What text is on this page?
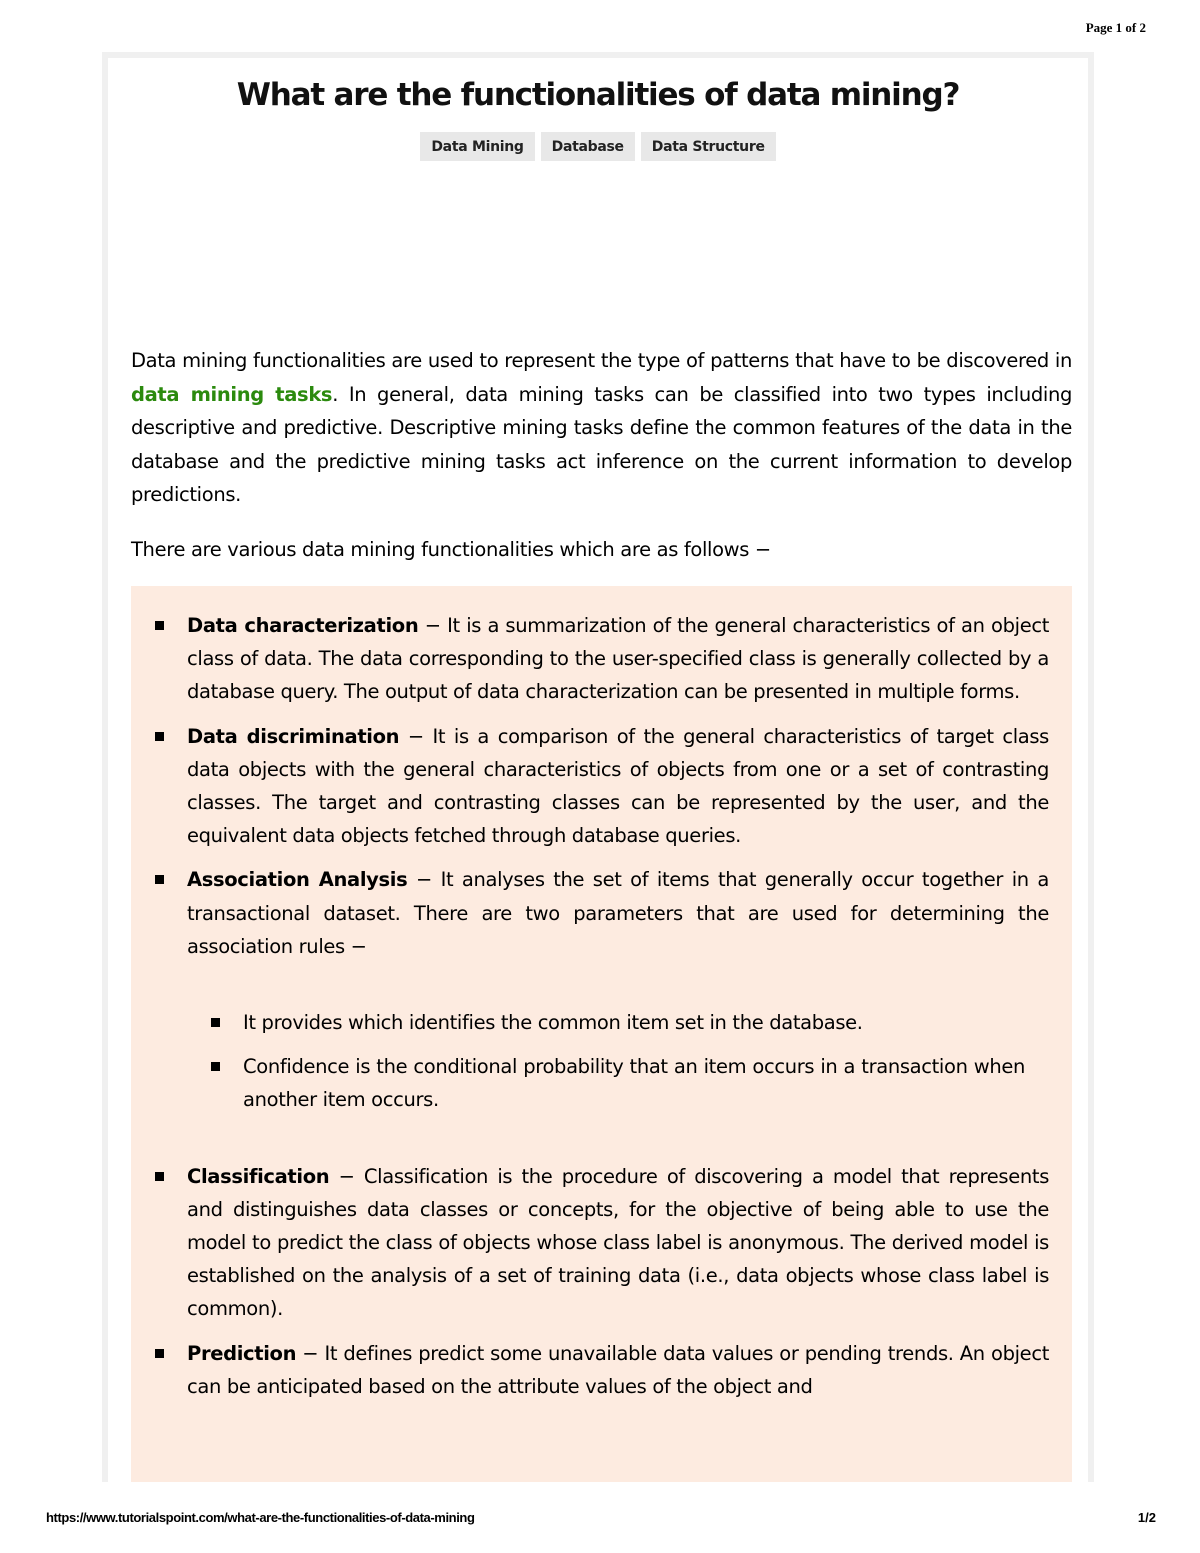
Page 1 of 2
What are the functionalities of data mining?
Data Mining	Database	Data Structure

Data mining functionalities are used to represent the type of patterns that have to be discovered in data mining tasks. In general, data mining tasks can be classified into two types including descriptive and predictive. Descriptive mining tasks define the common features of the data in the database and the predictive mining tasks act inference on the current information to develop predictions.

There are various data mining functionalities which are as follows −

Data characterization − It is a summarization of the general characteristics of an object class of data. The data corresponding to the user-specified class is generally collected by a database query. The output of data characterization can be presented in multiple forms.
Data discrimination − It is a comparison of the general characteristics of target class data objects with the general characteristics of objects from one or a set of contrasting classes. The target and contrasting classes can be represented by the user, and the equivalent data objects fetched through database queries.
Association Analysis − It analyses the set of items that generally occur together in a transactional dataset. There are two parameters that are used for determining the association rules −
It provides which identifies the common item set in the database.
Confidence is the conditional probability that an item occurs in a transaction when another item occurs.
Classification − Classification is the procedure of discovering a model that represents and distinguishes data classes or concepts, for the objective of being able to use the model to predict the class of objects whose class label is anonymous. The derived model is established on the analysis of a set of training data (i.e., data objects whose class label is common).
Prediction − It defines predict some unavailable data values or pending trends. An object can be anticipated based on the attribute values of the object and
https://www.tutorialspoint.com/what-are-the-functionalities-of-data-mining	1/2
